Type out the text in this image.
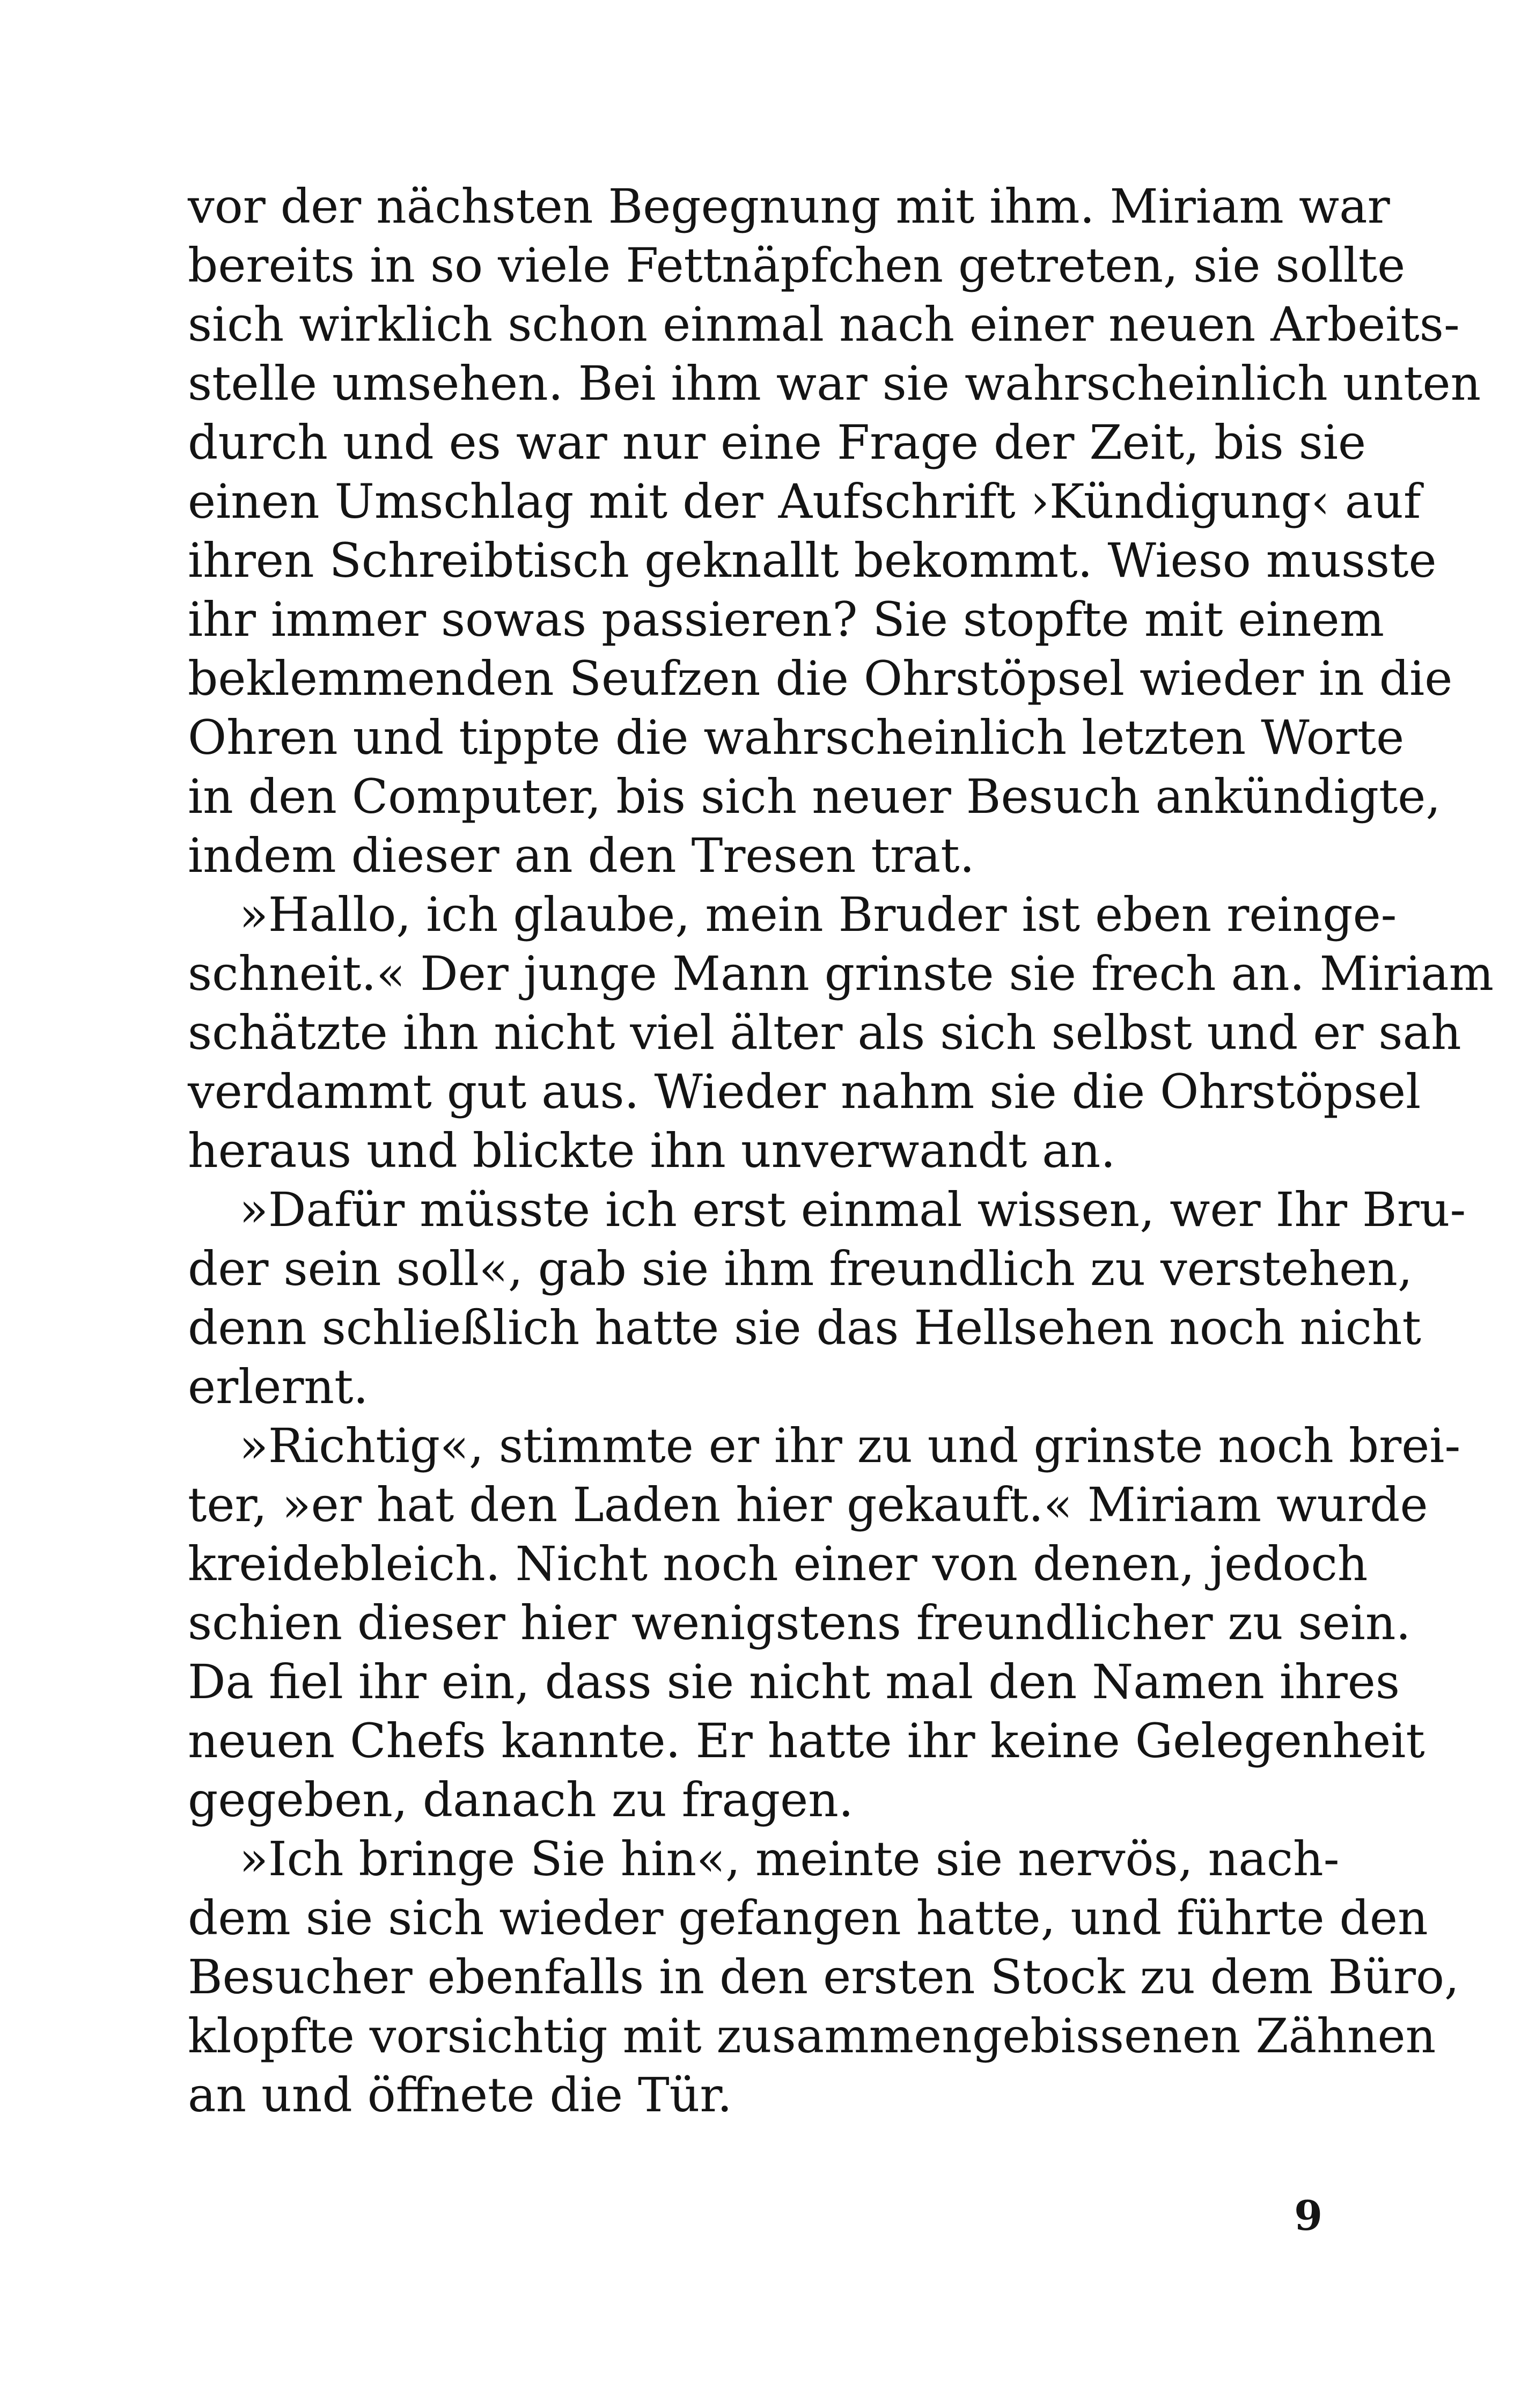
vor der nächsten Begegnung mit ihm. Miriam war
bereits in so viele Fettnäpfchen getreten, sie sollte
sich wirklich schon einmal nach einer neuen Arbeits-
stelle umsehen. Bei ihm war sie wahrscheinlich unten
durch und es war nur eine Frage der Zeit, bis sie
einen Umschlag mit der Aufschrift ›Kündigung‹ auf
ihren Schreibtisch geknallt bekommt. Wieso musste
ihr immer sowas passieren? Sie stopfte mit einem
beklemmenden Seufzen die Ohrstöpsel wieder in die
Ohren und tippte die wahrscheinlich letzten Worte
in den Computer, bis sich neuer Besuch ankündigte,
indem dieser an den Tresen trat.
»Hallo, ich glaube, mein Bruder ist eben reinge-
schneit.« Der junge Mann grinste sie frech an. Miriam
schätzte ihn nicht viel älter als sich selbst und er sah
verdammt gut aus. Wieder nahm sie die Ohrstöpsel
heraus und blickte ihn unverwandt an.
»Dafür müsste ich erst einmal wissen, wer Ihr Bru-
der sein soll«, gab sie ihm freundlich zu verstehen,
denn schließlich hatte sie das Hellsehen noch nicht
erlernt.
»Richtig«, stimmte er ihr zu und grinste noch brei-
ter, »er hat den Laden hier gekauft.« Miriam wurde
kreidebleich. Nicht noch einer von denen, jedoch
schien dieser hier wenigstens freundlicher zu sein.
Da fiel ihr ein, dass sie nicht mal den Namen ihres
neuen Chefs kannte. Er hatte ihr keine Gelegenheit
gegeben, danach zu fragen.
»Ich bringe Sie hin«, meinte sie nervös, nach-
dem sie sich wieder gefangen hatte, und führte den
Besucher ebenfalls in den ersten Stock zu dem Büro,
klopfte vorsichtig mit zusammengebissenen Zähnen
an und öffnete die Tür.
9
